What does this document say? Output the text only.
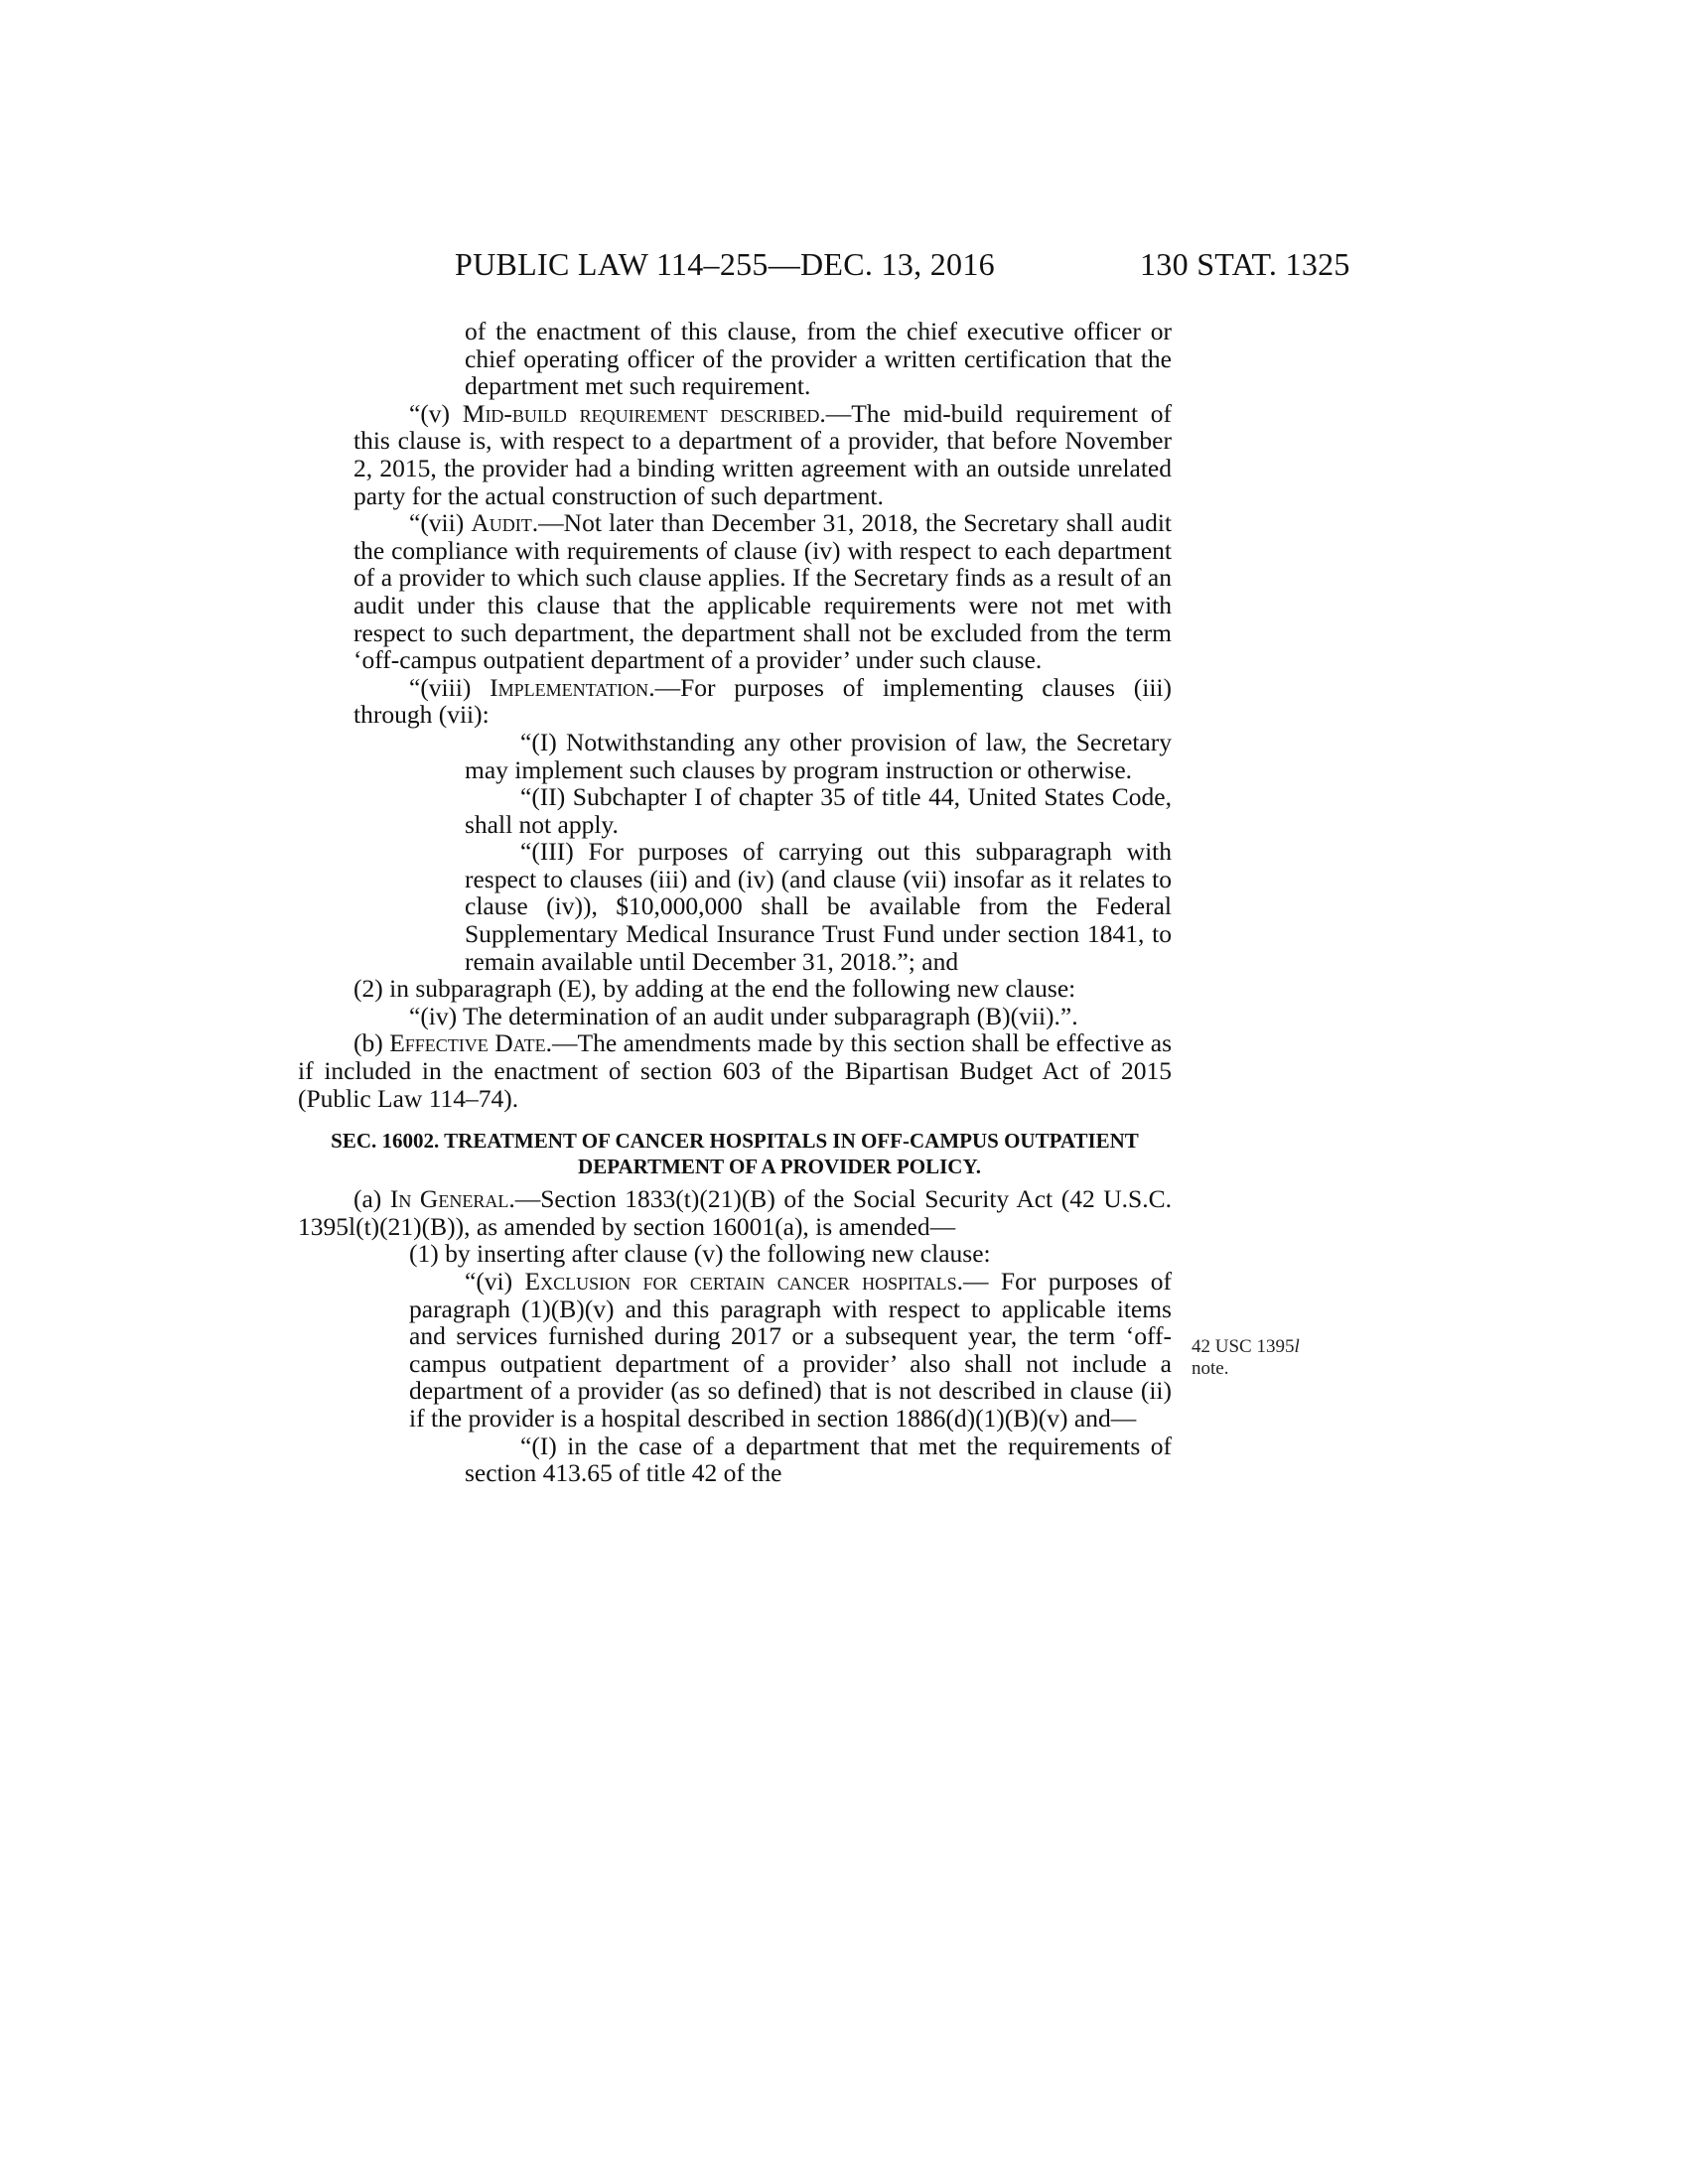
PUBLIC LAW 114–255—DEC. 13, 2016	130 STAT. 1325

of the enactment of this clause, from the chief executive officer or chief operating officer of the provider a written certification that the department met such requirement.

“(v) Mid-build requirement described.—The mid-build requirement of this clause is, with respect to a department of a provider, that before November 2, 2015, the provider had a binding written agreement with an outside unrelated party for the actual construction of such department.

“(vii) Audit.—Not later than December 31, 2018, the Secretary shall audit the compliance with requirements of clause (iv) with respect to each department of a provider to which such clause applies. If the Secretary finds as a result of an audit under this clause that the applicable requirements were not met with respect to such department, the department shall not be excluded from the term ‘off-campus outpatient department of a provider’ under such clause.

“(viii) Implementation.—For purposes of implementing clauses (iii) through (vii):

“(I) Notwithstanding any other provision of law, the Secretary may implement such clauses by program instruction or otherwise.

“(II) Subchapter I of chapter 35 of title 44, United States Code, shall not apply.

“(III) For purposes of carrying out this subparagraph with respect to clauses (iii) and (iv) (and clause (vii) insofar as it relates to clause (iv)), $10,000,000 shall be available from the Federal Supplementary Medical Insurance Trust Fund under section 1841, to remain available until December 31, 2018.”; and

(2) in subparagraph (E), by adding at the end the following new clause:

“(iv) The determination of an audit under subparagraph (B)(vii).”.

(b) Effective Date.—The amendments made by this section shall be effective as if included in the enactment of section 603 of the Bipartisan Budget Act of 2015 (Public Law 114–74).

SEC. 16002. TREATMENT OF CANCER HOSPITALS IN OFF-CAMPUS OUTPATIENT DEPARTMENT OF A PROVIDER POLICY.

(a) In General.—Section 1833(t)(21)(B) of the Social Security Act (42 U.S.C. 1395l(t)(21)(B)), as amended by section 16001(a), is amended—

(1) by inserting after clause (v) the following new clause:

“(vi) Exclusion for certain cancer hospitals.— For purposes of paragraph (1)(B)(v) and this paragraph with respect to applicable items and services furnished during 2017 or a subsequent year, the term ‘off-campus outpatient department of a provider’ also shall not include a department of a provider (as so defined) that is not described in clause (ii) if the provider is a hospital described in section 1886(d)(1)(B)(v) and—

“(I) in the case of a department that met the requirements of section 413.65 of title 42 of the

42 USC 1395l
note.
